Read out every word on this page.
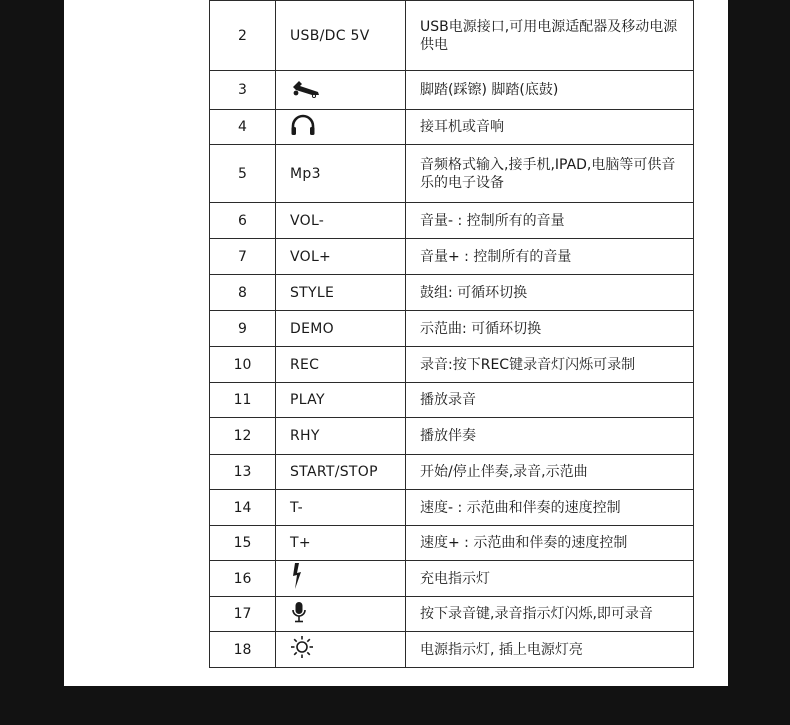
2	USB/DC 5V	USB电源接口,可用电源适配器及移动电源供电
3		脚踏(踩镲) 脚踏(底鼓)
4		接耳机或音响
5	Mp3	音频格式输入,接手机,IPAD,电脑等可供音乐的电子设备
6	VOL-	音量- : 控制所有的音量
7	VOL+	音量+ : 控制所有的音量
8	STYLE	鼓组: 可循环切换
9	DEMO	示范曲: 可循环切换
10	REC	录音:按下REC键录音灯闪烁可录制
11	PLAY	播放录音
12	RHY	播放伴奏
13	START/STOP	开始/停止伴奏,录音,示范曲
14	T-	速度- : 示范曲和伴奏的速度控制
15	T+	速度+ : 示范曲和伴奏的速度控制
16		充电指示灯
17		按下录音键,录音指示灯闪烁,即可录音
18		电源指示灯, 插上电源灯亮
